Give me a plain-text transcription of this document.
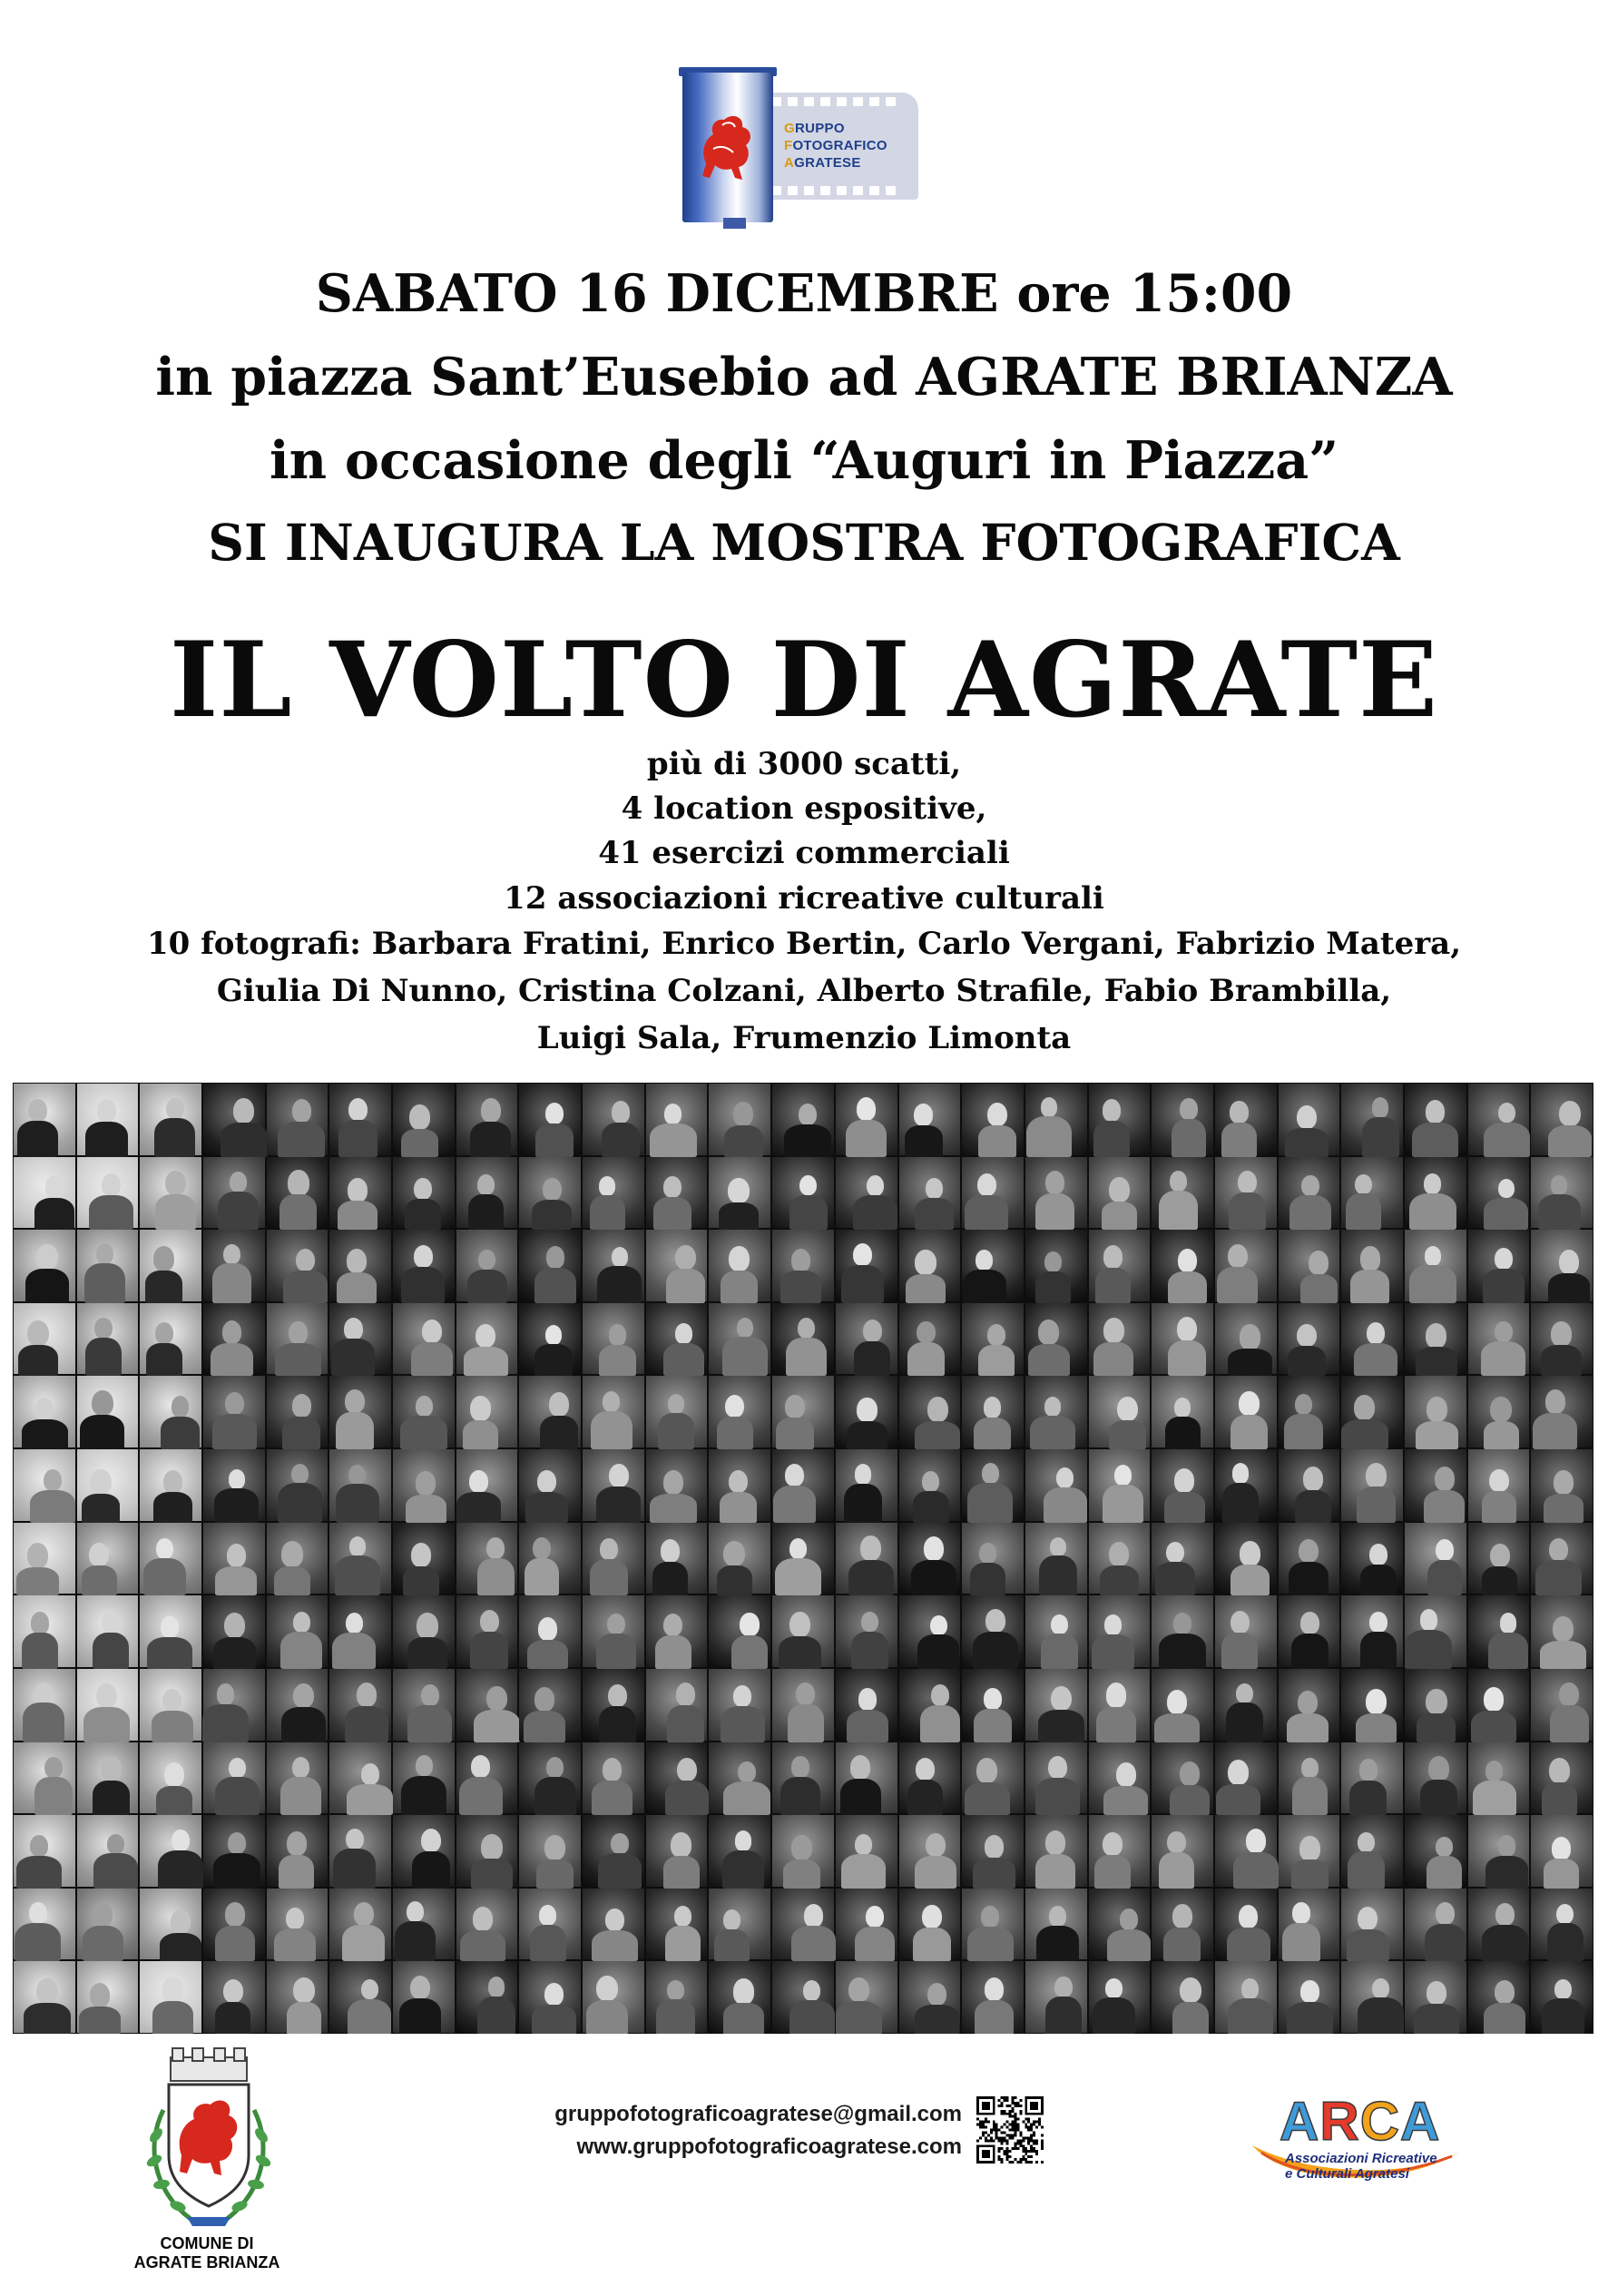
GRUPPO
FOTOGRAFICO
AGRATESE
SABATO 16 DICEMBRE ore 15:00
in piazza Sant’Eusebio ad AGRATE BRIANZA
in occasione degli “Auguri in Piazza”
SI INAUGURA LA MOSTRA FOTOGRAFICA
IL VOLTO DI AGRATE
più di 3000 scatti,
4 location espositive,
41 esercizi commerciali
12 associazioni ricreative culturali
10 fotografi: Barbara Fratini, Enrico Bertin, Carlo Vergani, Fabrizio Matera,
Giulia Di Nunno, Cristina Colzani, Alberto Strafile, Fabio Brambilla,
Luigi Sala, Frumenzio Limonta
COMUNE DI
AGRATE BRIANZA
gruppofotograficoagratese@gmail.com
www.gruppofotograficoagratese.com	ARCA
Associazioni Ricreative
e Culturali Agratesi
